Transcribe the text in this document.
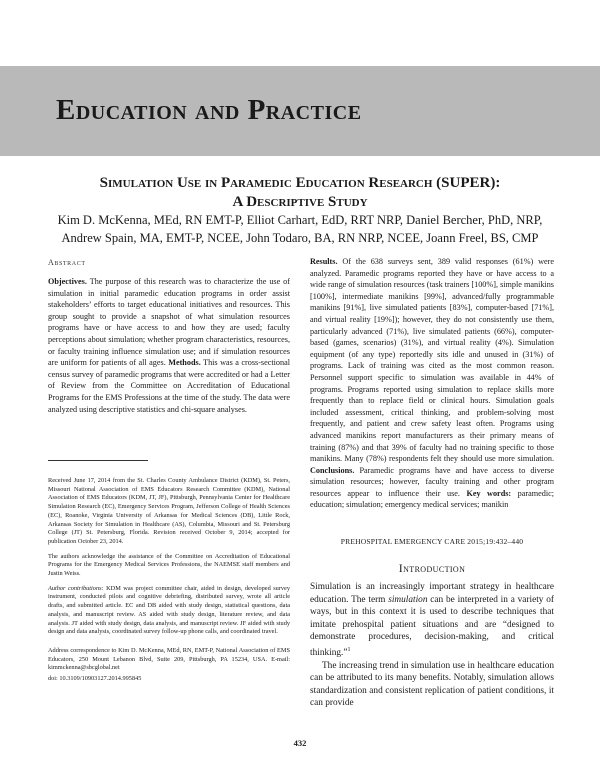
Education and Practice
Simulation Use in Paramedic Education Research (SUPER):
A Descriptive Study

Kim D. McKenna, MEd, RN EMT-P, Elliot Carhart, EdD, RRT NRP, Daniel Bercher, PhD, NRP,
Andrew Spain, MA, EMT-P, NCEE, John Todaro, BA, RN NRP, NCEE, Joann Freel, BS, CMP

Abstract

Objectives. The purpose of this research was to characterize the use of simulation in initial paramedic education programs in order assist stakeholders’ efforts to target educational initiatives and resources. This group sought to provide a snapshot of what simulation resources programs have or have access to and how they are used; faculty perceptions about simulation; whether program characteristics, resources, or faculty training influence simulation use; and if simulation resources are uniform for patients of all ages. Methods. This was a cross-sectional census survey of paramedic programs that were accredited or had a Letter of Review from the Committee on Accreditation of Educational Programs for the EMS Professions at the time of the study. The data were analyzed using descriptive statistics and chi-square analyses.

Received June 17, 2014 from the St. Charles County Ambulance District (KDM), St. Peters, Missouri National Association of EMS Educators Research Committee (KDM), National Association of EMS Educators (KDM, JT, JF), Pittsburgh, Pennsylvania Center for Healthcare Simulation Research (EC), Emergency Services Program, Jefferson College of Health Sciences (EC), Roanoke, Virginia University of Arkansas for Medical Sciences (DB), Little Rock, Arkansas Society for Simulation in Healthcare (AS), Columbia, Missouri and St. Petersburg College (JT) St. Petersburg, Florida. Revision received October 9, 2014; accepted for publication October 23, 2014.

The authors acknowledge the assistance of the Committee on Accreditation of Educational Programs for the Emergency Medical Services Professions, the NAEMSE staff members and Justin Weiss.

Author contributions: KDM was project committee chair, aided in design, developed survey instrument, conducted pilots and cognitive debriefing, distributed survey, wrote all article drafts, and submitted article. EC and DB aided with study design, statistical questions, data analysis, and manuscript review. AS aided with study design, literature review, and data analysis. JT aided with study design, data analysis, and manuscript review. JF aided with study design and data analysis, coordinated survey follow-up phone calls, and coordinated travel.

Address correspondence to Kim D. McKenna, MEd, RN, EMT-P, National Association of EMS Educators, 250 Mount Lebanon Blvd, Suite 209, Pittsburgh, PA 15234, USA. E-mail: kimmckenna@sbcglobal.net

doi: 10.3109/10903127.2014.995845

Results. Of the 638 surveys sent, 389 valid responses (61%) were analyzed. Paramedic programs reported they have or have access to a wide range of simulation resources (task trainers [100%], simple manikins [100%], intermediate manikins [99%], advanced/fully programmable manikins [91%], live simulated patients [83%], computer-based [71%], and virtual reality [19%]); however, they do not consistently use them, particularly advanced (71%), live simulated patients (66%), computer-based (games, scenarios) (31%), and virtual reality (4%). Simulation equipment (of any type) reportedly sits idle and unused in (31%) of programs. Lack of training was cited as the most common reason. Personnel support specific to simulation was available in 44% of programs. Programs reported using simulation to replace skills more frequently than to replace field or clinical hours. Simulation goals included assessment, critical thinking, and problem-solving most frequently, and patient and crew safety least often. Programs using advanced manikins report manufacturers as their primary means of training (87%) and that 39% of faculty had no training specific to those manikins. Many (78%) respondents felt they should use more simulation. Conclusions. Paramedic programs have and have access to diverse simulation resources; however, faculty training and other program resources appear to influence their use. Key words: paramedic; education; simulation; emergency medical services; manikin

PREHOSPITAL EMERGENCY CARE 2015;19:432–440

Introduction

Simulation is an increasingly important strategy in healthcare education. The term simulation can be interpreted in a variety of ways, but in this context it is used to describe techniques that imitate prehospital patient situations and are “designed to demonstrate procedures, decision-making, and critical thinking.”$^1$

The increasing trend in simulation use in healthcare education can be attributed to its many benefits. Notably, simulation allows standardization and consistent replication of patient conditions, it can provide

432
